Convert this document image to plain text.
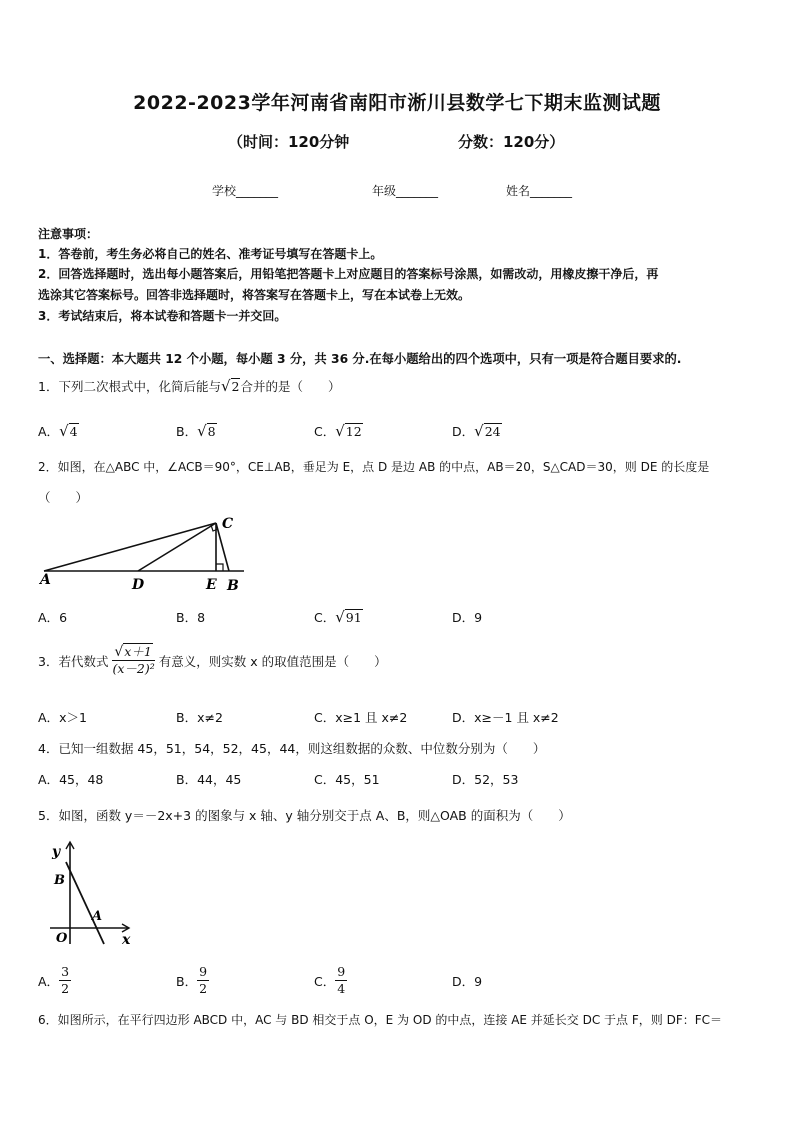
2022-2023学年河南省南阳市淅川县数学七下期末监测试题
（时间：120分钟	分数：120分）
学校_______	年级_______	姓名_______
注意事项：
1．答卷前，考生务必将自己的姓名、准考证号填写在答题卡上。
2．回答选择题时，选出每小题答案后，用铅笔把答题卡上对应题目的答案标号涂黑，如需改动，用橡皮擦干净后，再
选涂其它答案标号。回答非选择题时，将答案写在答题卡上，写在本试卷上无效。
3．考试结束后，将本试卷和答题卡一并交回。
一、选择题：本大题共 12 个小题，每小题 3 分，共 36 分.在每小题给出的四个选项中，只有一项是符合题目要求的.
1．下列二次根式中，化简后能与√2合并的是（　　）
A．√4	B．√8	C．√12	D．√24
2．如图，在△ABC 中，∠ACB＝90°，CE⊥AB，垂足为 E，点 D 是边 AB 的中点，AB＝20，S△CAD＝30，则 DE 的长度是
（　　）
A	D	E B
C
A．6	B．8	C．√91	D．9
3．若代数式 $\frac{√x+1}{\text{(x－2)²}}$ 有意义，则实数 x 的取值范围是（　　）
A．x＞1	B．x≠2	C．x≥1 且 x≠2	D．x≥－1 且 x≠2
4．已知一组数据 45，51，54，52，45，44，则这组数据的众数、中位数分别为（　　）
A．45，48	B．44，45	C．45，51	D．52，53
5．如图，函数 y＝－2x+3 的图象与 x 轴、y 轴分别交于点 A、B，则△OAB 的面积为（　　）
y
x
O
A
B
A． $\frac{3}{2}$	B． $\frac{9}{2}$	C． $\frac{9}{4}$	D．9
6．如图所示，在平行四边形 ABCD 中，AC 与 BD 相交于点 O，E 为 OD 的中点，连接 AE 并延长交 DC 于点 F，则 DF：FC＝
